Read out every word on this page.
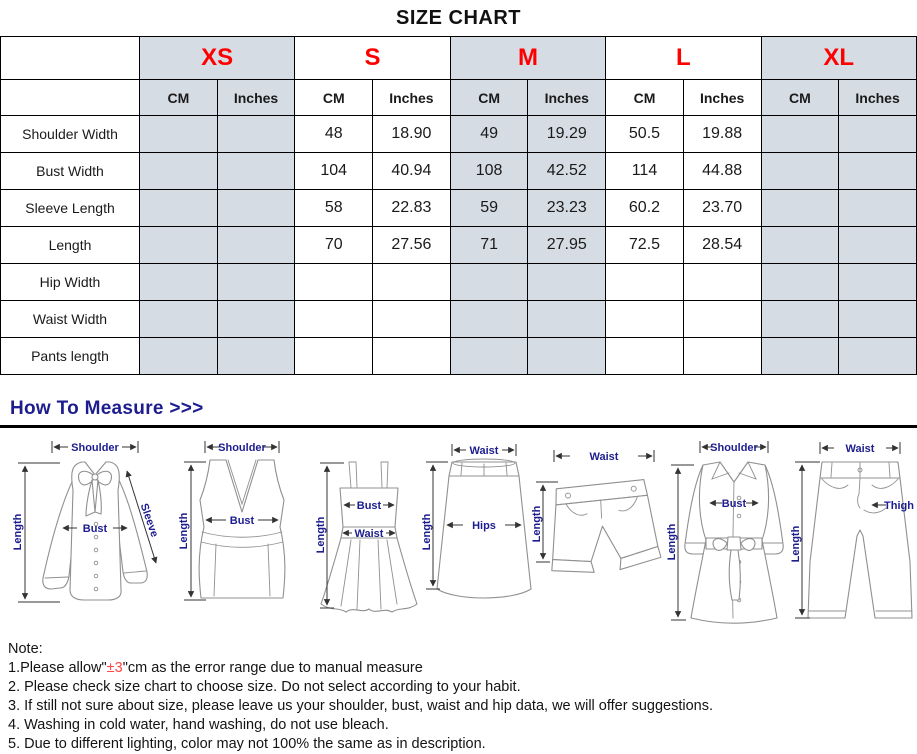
SIZE CHART
	XS		S		M		L		XL	
	CM	Inches	CM	Inches	CM	Inches	CM	Inches	CM	Inches
Shoulder Width			48	18.90	49	19.29	50.5	19.88		
Bust Width			104	40.94	108	42.52	114	44.88		
Sleeve Length			58	22.83	59	23.23	60.2	23.70		
Length			70	27.56	71	27.95	72.5	28.54		
Hip Width										
Waist Width										
Pants length										
How To Measure >>>
Shoulder
Length	Bust	Sleeve
Shoulder
Length	Bust
Bust
Waist
Length
Waist
Hips
Length
Waist
Length
Shoulder
Bust
Length
Waist
Thigh
Length

Note:

1.Please allow"±3"cm as the error range due to manual measure

2. Please check size chart to choose size. Do not select according to your habit.

3. If still not sure about size, please leave us your shoulder, bust, waist and hip data, we will offer suggestions.

4. Washing in cold water, hand washing, do not use bleach.

5. Due to different lighting, color may not 100% the same as in description.
